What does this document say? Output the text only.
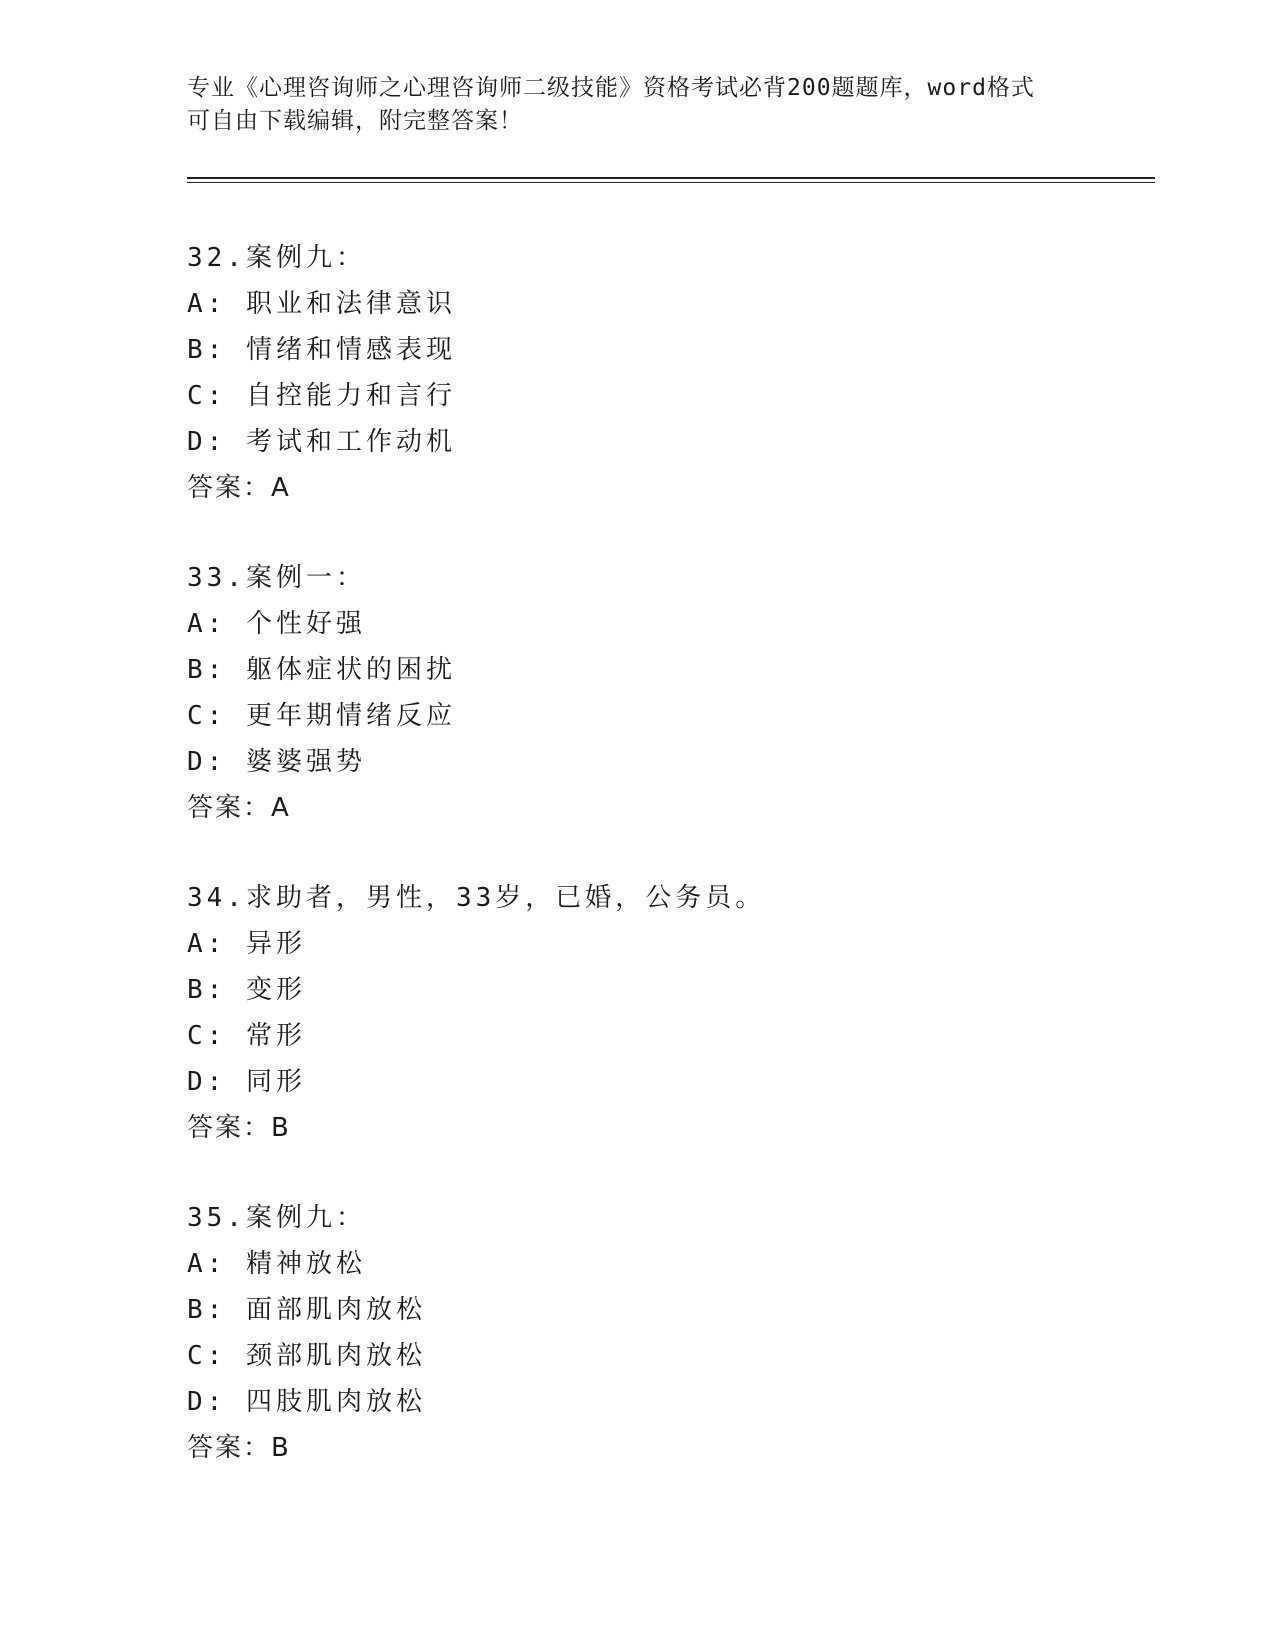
专业《心理咨询师之心理咨询师二级技能》资格考试必背200题题库，word格式
可自由下载编辑，附完整答案！
32.案例九：
A: 职业和法律意识
B: 情绪和情感表现
C: 自控能力和言行
D: 考试和工作动机
答案：A
33.案例一：
A: 个性好强
B: 躯体症状的困扰
C: 更年期情绪反应
D: 婆婆强势
答案：A
34.求助者，男性，33岁，已婚，公务员。
A: 异形
B: 变形
C: 常形
D: 同形
答案：B
35.案例九：
A: 精神放松
B: 面部肌肉放松
C: 颈部肌肉放松
D: 四肢肌肉放松
答案：B
